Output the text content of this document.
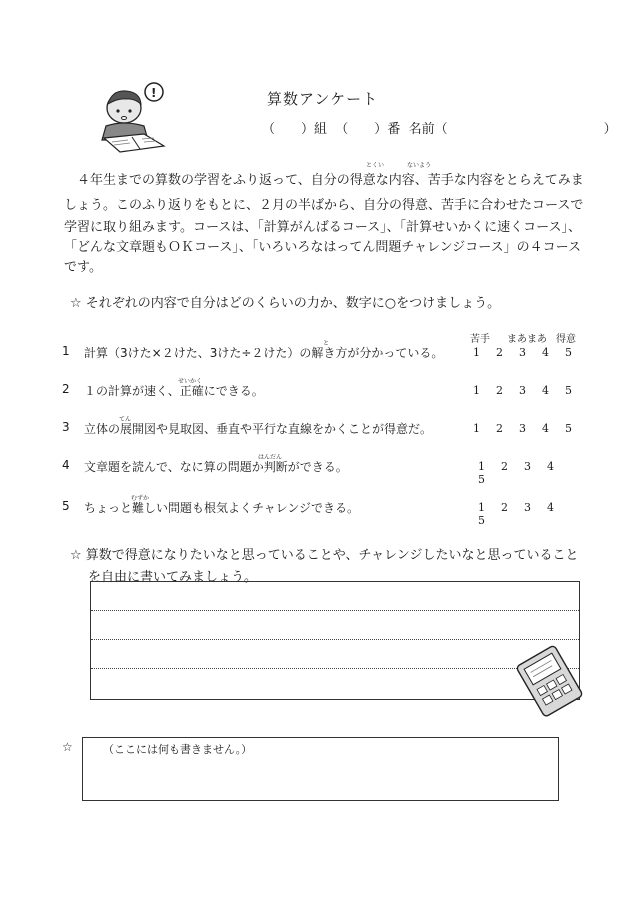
!	算数アンケート
（　　）組 （　　）番 名前（　　　　　　　　　　　　）
とくい	ないよう

４年生までの算数の学習をふり返って、自分の得意な内容、苦手な内容をとらえてみま

しょう。このふり返りをもとに、２月の半ばから、自分の得意、苦手に合わせたコースで

学習に取り組みます。コースは、「計算がんばるコース」、「計算せいかくに速くコース」、

「どんな文章題もＯＫコース」、「いろいろなはってん問題チャレンジコース」の４コース

です。

☆ それぞれの内容で自分はどのくらいの力か、数字に○をつけましょう。
苦手 まあまあ 得意
と
1 計算（3けた×２けた、3けた÷２けた）の解き方が分かっている。	1 2 3 4 5
せいかく
2 １の計算が速く、正確にできる。	1 2 3 4 5
てん
3 立体の展開図や見取図、垂直や平行な直線をかくことが得意だ。	1 2 3 4 5
はんだん
4 文章題を読んで、なに算の問題か判断ができる。	1 2 3 45
むずか
5 ちょっと難しい問題も根気よくチャレンジできる。	1 2 3 45
☆ 算数で得意になりたいなと思っていることや、チャレンジしたいなと思っていること
を自由に書いてみましょう。
☆	（ここには何も書きません。）
